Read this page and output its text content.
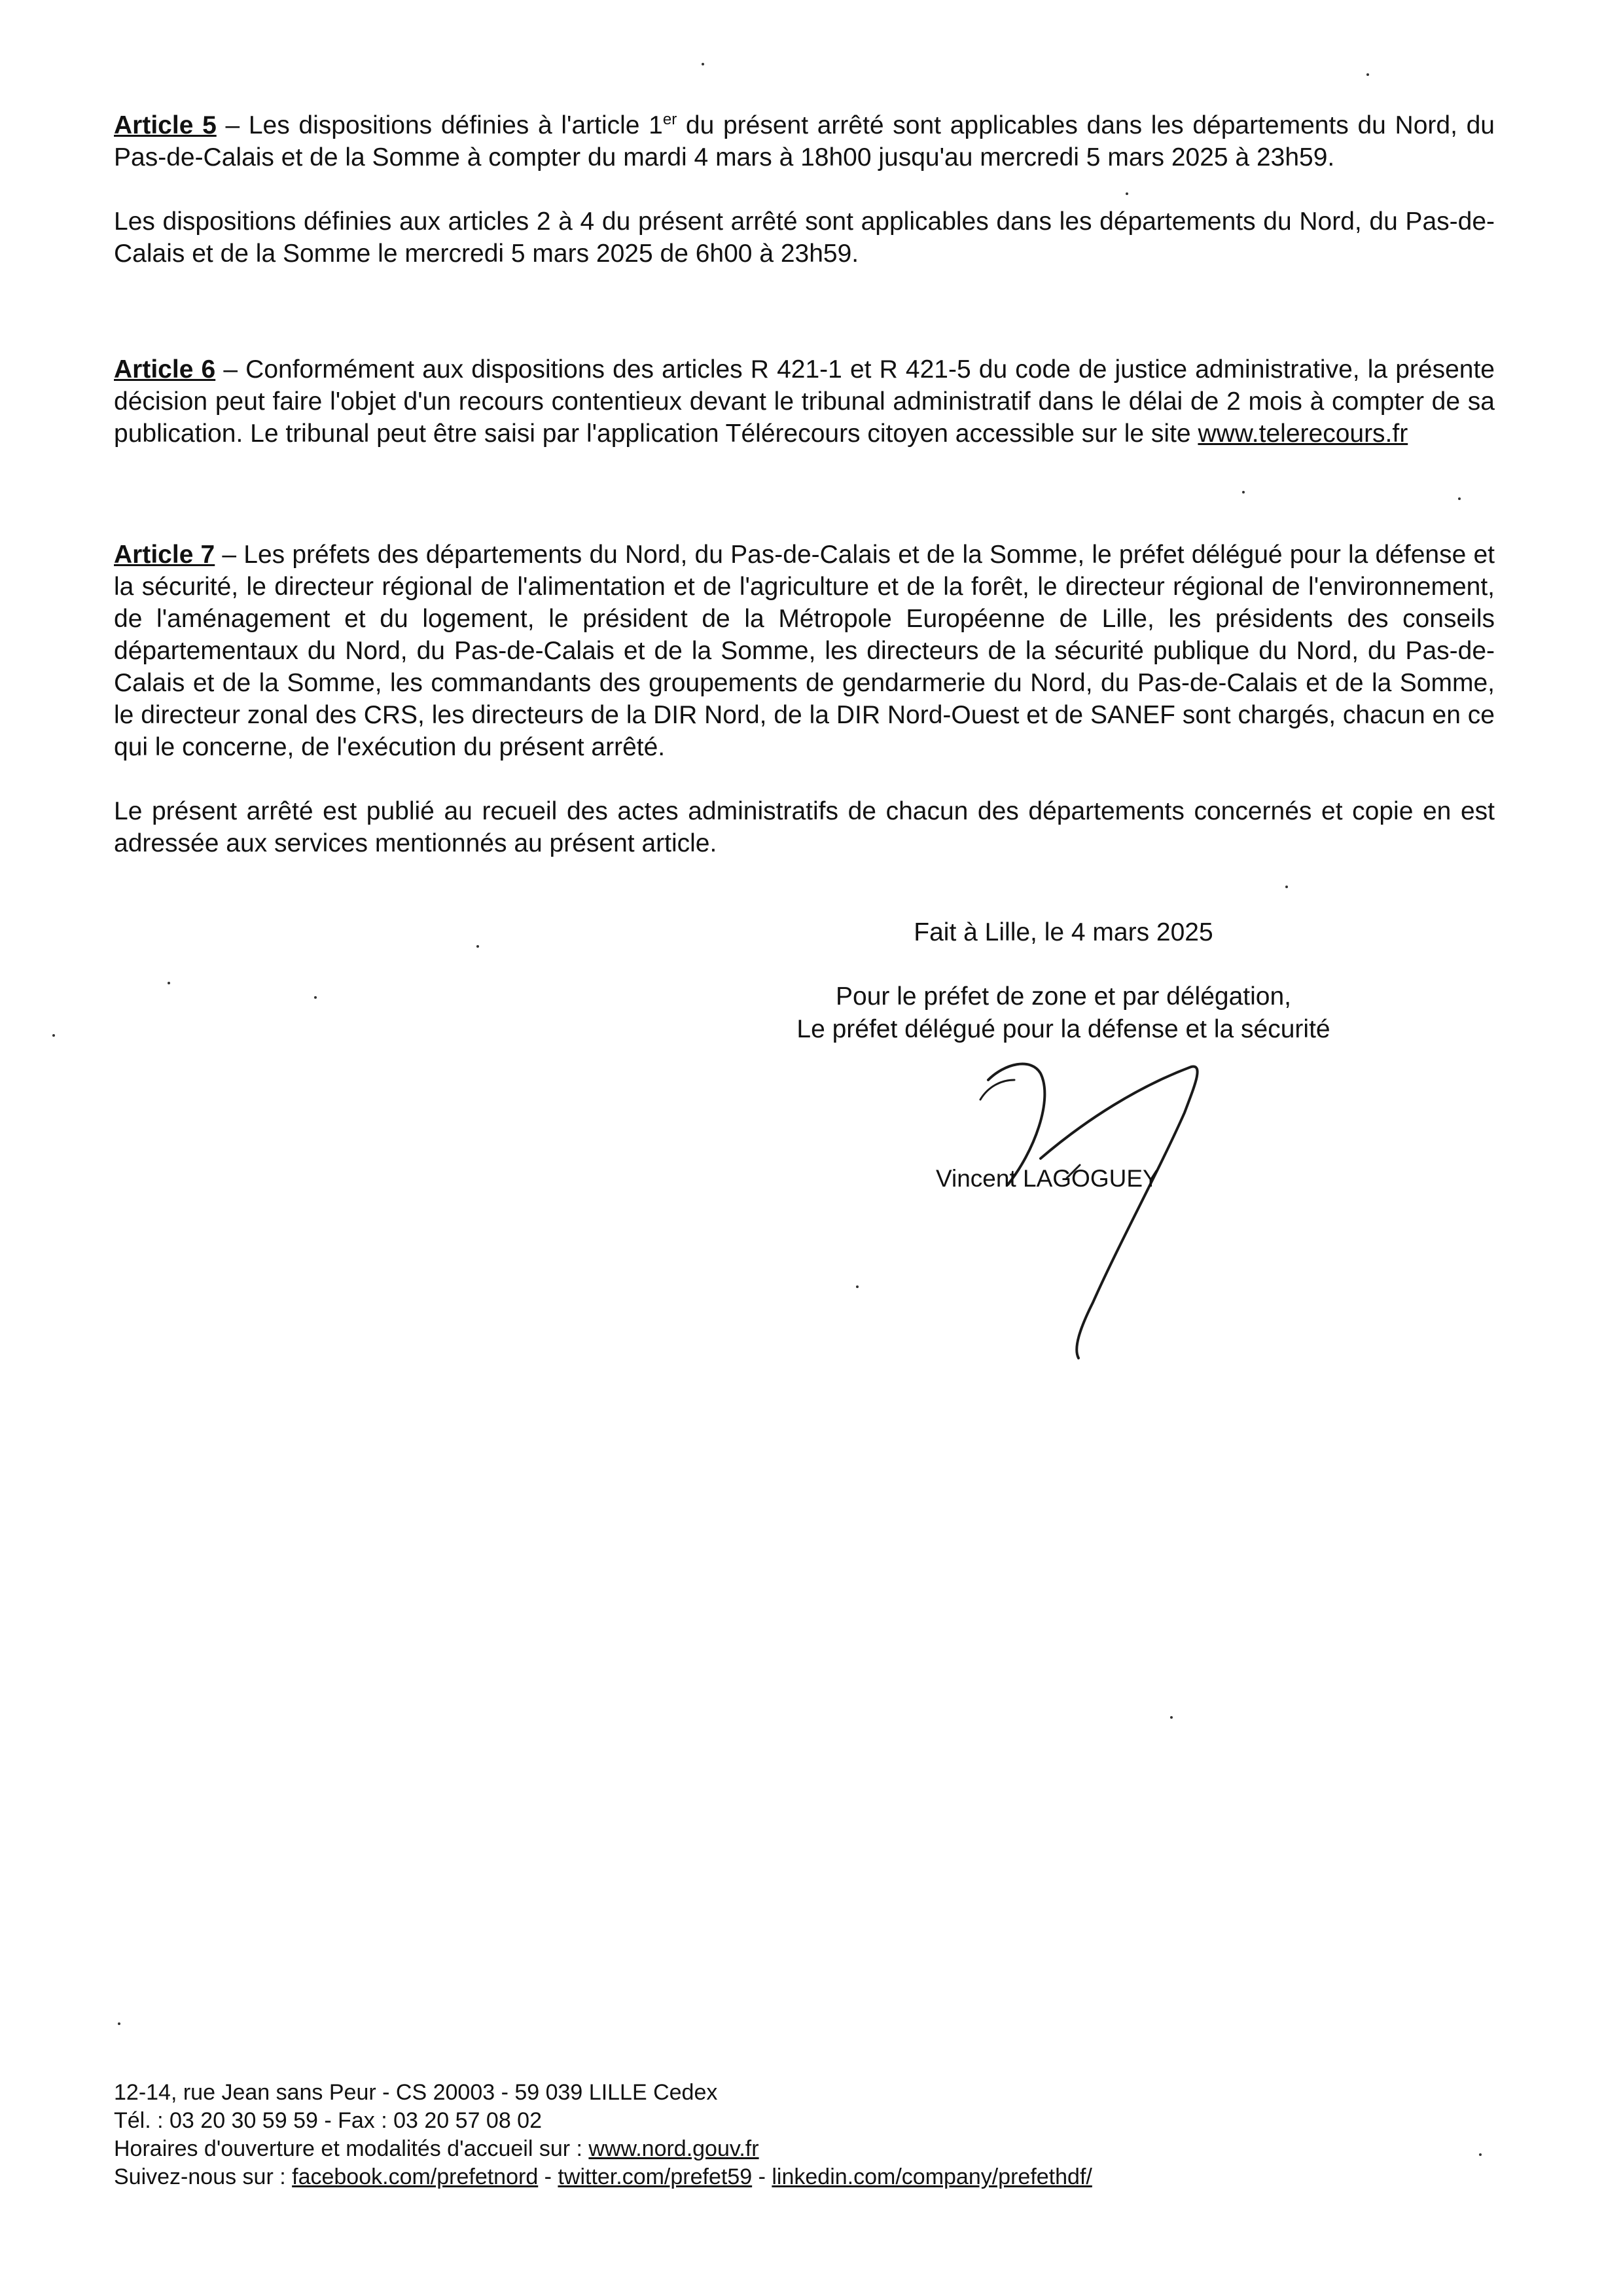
Article 5 – Les dispositions définies à l'article 1er du présent arrêté sont applicables dans les départements du Nord, du Pas-de-Calais et de la Somme à compter du mardi 4 mars à 18h00 jusqu'au mercredi 5 mars 2025 à 23h59.

Les dispositions définies aux articles 2 à 4 du présent arrêté sont applicables dans les départements du Nord, du Pas-de-Calais et de la Somme le mercredi 5 mars 2025 de 6h00 à 23h59.

Article 6 – Conformément aux dispositions des articles R 421-1 et R 421-5 du code de justice administrative, la présente décision peut faire l'objet d'un recours contentieux devant le tribunal administratif dans le délai de 2 mois à compter de sa publication. Le tribunal peut être saisi par l'application Télérecours citoyen accessible sur le site www.telerecours.fr

Article 7 – Les préfets des départements du Nord, du Pas-de-Calais et de la Somme, le préfet délégué pour la défense et la sécurité, le directeur régional de l'alimentation et de l'agriculture et de la forêt, le directeur régional de l'environnement, de l'aménagement et du logement, le président de la Métropole Européenne de Lille, les présidents des conseils départementaux du Nord, du Pas-de-Calais et de la Somme, les directeurs de la sécurité publique du Nord, du Pas-de-Calais et de la Somme, les commandants des groupements de gendarmerie du Nord, du Pas-de-Calais et de la Somme, le directeur zonal des CRS, les directeurs de la DIR Nord, de la DIR Nord-Ouest et de SANEF sont chargés, chacun en ce qui le concerne, de l'exécution du présent arrêté.

Le présent arrêté est publié au recueil des actes administratifs de chacun des départements concernés et copie en est adressée aux services mentionnés au présent article.

Fait à Lille, le 4 mars 2025
Pour le préfet de zone et par délégation,
Le préfet délégué pour la défense et la sécurité
Vincent LAGOGUEY
12-14, rue Jean sans Peur - CS 20003 - 59 039 LILLE Cedex
Tél. : 03 20 30 59 59 - Fax : 03 20 57 08 02
Horaires d'ouverture et modalités d'accueil sur : www.nord.gouv.fr
Suivez-nous sur : facebook.com/prefetnord - twitter.com/prefet59 - linkedin.com/company/prefethdf/
